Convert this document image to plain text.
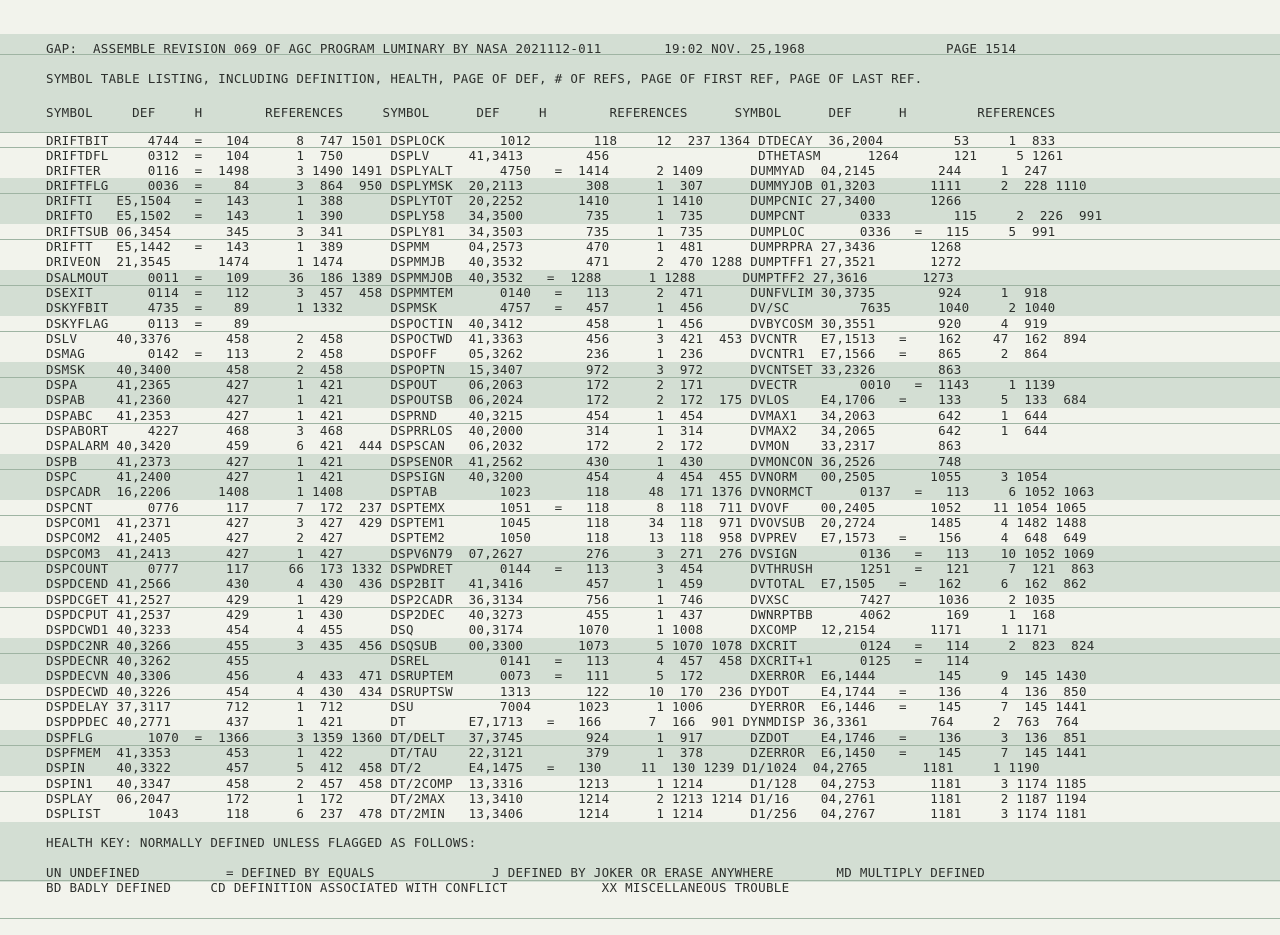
GAP:  ASSEMBLE REVISION 069 OF AGC PROGRAM LUMINARY BY NASA 2021112-011        19:02 NOV. 25,1968                  PAGE 1514
SYMBOL TABLE LISTING, INCLUDING DEFINITION, HEALTH, PAGE OF DEF, # OF REFS, PAGE OF FIRST REF, PAGE OF LAST REF.
SYMBOL     DEF     H        REFERENCES     SYMBOL      DEF     H        REFERENCES      SYMBOL      DEF      H         REFERENCES
DRIFTBIT     4744  =   104      8  747 1501 DSPLOCK       1012        118     12  237 1364 DTDECAY  36,2004         53     1  833
DRIFTDFL     0312  =   104      1  750      DSPLV     41,3413        456                   DTHETASM      1264       121     5 1261
DRIFTER      0116  =  1498      3 1490 1491 DSPLYALT      4750   =  1414      2 1409      DUMMYAD  04,2145        244     1  247
DRIFTFLG     0036  =    84      3  864  950 DSPLYMSK  20,2113        308      1  307      DUMMYJOB 01,3203       1111     2  228 1110
DRIFTI   E5,1504   =   143      1  388      DSPLYTOT  20,2252       1410      1 1410      DUMPCNIC 27,3400       1266
DRIFTO   E5,1502   =   143      1  390      DSPLY58   34,3500        735      1  735      DUMPCNT       0333        115     2  226  991
DRIFTSUB 06,3454       345      3  341      DSPLY81   34,3503        735      1  735      DUMPLOC       0336   =   115     5  991
DRIFTT   E5,1442   =   143      1  389      DSPMM     04,2573        470      1  481      DUMPRPRA 27,3436       1268
DRIVEON  21,3545      1474      1 1474      DSPMMJB   40,3532        471      2  470 1288 DUMPTFF1 27,3521       1272
DSALMOUT     0011  =   109     36  186 1389 DSPMMJOB  40,3532   =  1288      1 1288      DUMPTFF2 27,3616       1273
DSEXIT       0114  =   112      3  457  458 DSPMMTEM      0140   =   113      2  471      DUNFVLIM 30,3735        924     1  918
DSKYFBIT     4735  =    89      1 1332      DSPMSK        4757   =   457      1  456      DV/SC         7635      1040     2 1040
DSKYFLAG     0113  =    89                  DSPOCTIN  40,3412        458      1  456      DVBYCOSM 30,3551        920     4  919
DSLV     40,3376       458      2  458      DSPOCTWD  41,3363        456      3  421  453 DVCNTR   E7,1513   =    162    47  162  894
DSMAG        0142  =   113      2  458      DSPOFF    05,3262        236      1  236      DVCNTR1  E7,1566   =    865     2  864
DSMSK    40,3400       458      2  458      DSPOPTN   15,3407        972      3  972      DVCNTSET 33,2326        863
DSPA     41,2365       427      1  421      DSPOUT    06,2063        172      2  171      DVECTR        0010   =  1143     1 1139
DSPAB    41,2360       427      1  421      DSPOUTSB  06,2024        172      2  172  175 DVLOS    E4,1706   =    133     5  133  684
DSPABC   41,2353       427      1  421      DSPRND    40,3215        454      1  454      DVMAX1   34,2063        642     1  644
DSPABORT     4227      468      3  468      DSPRRLOS  40,2000        314      1  314      DVMAX2   34,2065        642     1  644
DSPALARM 40,3420       459      6  421  444 DSPSCAN   06,2032        172      2  172      DVMON    33,2317        863
DSPB     41,2373       427      1  421      DSPSENOR  41,2562        430      1  430      DVMONCON 36,2526        748
DSPC     41,2400       427      1  421      DSPSIGN   40,3200        454      4  454  455 DVNORM   00,2505       1055     3 1054
DSPCADR  16,2206      1408      1 1408      DSPTAB        1023       118     48  171 1376 DVNORMCT      0137   =   113     6 1052 1063
DSPCNT       0776      117      7  172  237 DSPTEMX       1051   =   118      8  118  711 DVOVF    00,2405       1052    11 1054 1065
DSPCOM1  41,2371       427      3  427  429 DSPTEM1       1045       118     34  118  971 DVOVSUB  20,2724       1485     4 1482 1488
DSPCOM2  41,2405       427      2  427      DSPTEM2       1050       118     13  118  958 DVPREV   E7,1573   =    156     4  648  649
DSPCOM3  41,2413       427      1  427      DSPV6N79  07,2627        276      3  271  276 DVSIGN        0136   =   113    10 1052 1069
DSPCOUNT     0777      117     66  173 1332 DSPWDRET      0144   =   113      3  454      DVTHRUSH      1251   =   121     7  121  863
DSPDCEND 41,2566       430      4  430  436 DSP2BIT   41,3416        457      1  459      DVTOTAL  E7,1505   =    162     6  162  862
DSPDCGET 41,2527       429      1  429      DSP2CADR  36,3134        756      1  746      DVXSC         7427      1036     2 1035
DSPDCPUT 41,2537       429      1  430      DSP2DEC   40,3273        455      1  437      DWNRPTBB      4062       169     1  168
DSPDCWD1 40,3233       454      4  455      DSQ       00,3174       1070      1 1008      DXCOMP   12,2154       1171     1 1171
DSPDC2NR 40,3266       455      3  435  456 DSQSUB    00,3300       1073      5 1070 1078 DXCRIT        0124   =   114     2  823  824
DSPDECNR 40,3262       455                  DSREL         0141   =   113      4  457  458 DXCRIT+1      0125   =   114
DSPDECVN 40,3306       456      4  433  471 DSRUPTEM      0073   =   111      5  172      DXERROR  E6,1444        145     9  145 1430
DSPDECWD 40,3226       454      4  430  434 DSRUPTSW      1313       122     10  170  236 DYDOT    E4,1744   =    136     4  136  850
DSPDELAY 37,3117       712      1  712      DSU           7004      1023      1 1006      DYERROR  E6,1446   =    145     7  145 1441
DSPDPDEC 40,2771       437      1  421      DT        E7,1713   =   166      7  166  901 DYNMDISP 36,3361        764     2  763  764
DSPFLG       1070  =  1366      3 1359 1360 DT/DELT   37,3745        924      1  917      DZDOT    E4,1746   =    136     3  136  851
DSPFMEM  41,3353       453      1  422      DT/TAU    22,3121        379      1  378      DZERROR  E6,1450   =    145     7  145 1441
DSPIN    40,3322       457      5  412  458 DT/2      E4,1475   =   130     11  130 1239 D1/1024  04,2765       1181     1 1190
DSPIN1   40,3347       458      2  457  458 DT/2COMP  13,3316       1213      1 1214      D1/128   04,2753       1181     3 1174 1185
DSPLAY   06,2047       172      1  172      DT/2MAX   13,3410       1214      2 1213 1214 D1/16    04,2761       1181     2 1187 1194
DSPLIST      1043      118      6  237  478 DT/2MIN   13,3406       1214      1 1214      D1/256   04,2767       1181     3 1174 1181
HEALTH KEY: NORMALLY DEFINED UNLESS FLAGGED AS FOLLOWS:
UN UNDEFINED           = DEFINED BY EQUALS               J DEFINED BY JOKER OR ERASE ANYWHERE        MD MULTIPLY DEFINED
BD BADLY DEFINED     CD DEFINITION ASSOCIATED WITH CONFLICT            XX MISCELLANEOUS TROUBLE
